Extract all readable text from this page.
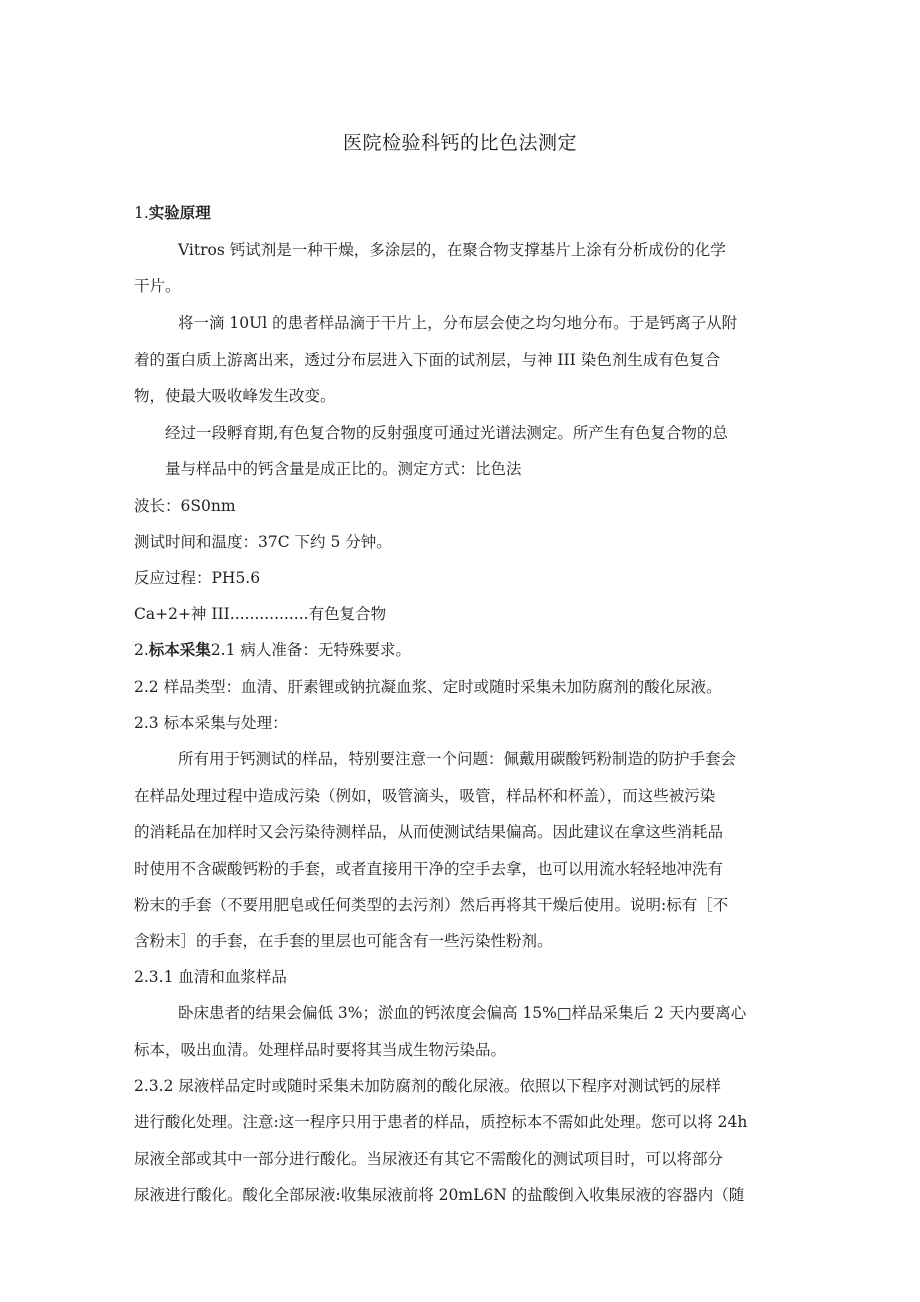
医院检验科钙的比色法测定
1.实验原理
Vitros 钙试剂是一种干燥，多涂层的，在聚合物支撑基片上涂有分析成份的化学
干片。
将一滴 10Ul 的患者样品滴于干片上，分布层会使之均匀地分布。于是钙离子从附
着的蛋白质上游离出来，透过分布层进入下面的试剂层，与神 III 染色剂生成有色复合
物，使最大吸收峰发生改变。
经过一段孵育期,有色复合物的反射强度可通过光谱法测定。所产生有色复合物的总
量与样品中的钙含量是成正比的。测定方式：比色法
波长：6S0nm
测试时间和温度：37C 下约 5 分钟。
反应过程：PH5.6
Ca+2+神 III................有色复合物
2.标本采集2.1 病人准备：无特殊要求。
2.2 样品类型：血清、肝素锂或钠抗凝血浆、定时或随时采集未加防腐剂的酸化尿液。
2.3 标本采集与处理：
所有用于钙测试的样品，特别要注意一个问题：佩戴用碳酸钙粉制造的防护手套会
在样品处理过程中造成污染（例如，吸管滴头，吸管，样品杯和杯盖），而这些被污染
的消耗品在加样时又会污染待测样品，从而使测试结果偏高。因此建议在拿这些消耗品
时使用不含碳酸钙粉的手套，或者直接用干净的空手去拿，也可以用流水轻轻地冲洗有
粉末的手套（不要用肥皂或任何类型的去污剂）然后再将其干燥后使用。说明:标有［不
含粉末］的手套，在手套的里层也可能含有一些污染性粉剂。
2.3.1 血清和血浆样品
卧床患者的结果会偏低 3%；淤血的钙浓度会偏高 15%□样品采集后 2 天内要离心
标本，吸出血清。处理样品时要将其当成生物污染品。
2.3.2 尿液样品定时或随时采集未加防腐剂的酸化尿液。依照以下程序对测试钙的尿样
进行酸化处理。注意:这一程序只用于患者的样品，质控标本不需如此处理。您可以将 24h
尿液全部或其中一部分进行酸化。当尿液还有其它不需酸化的测试项目时，可以将部分
尿液进行酸化。酸化全部尿液:收集尿液前将 20mL6N 的盐酸倒入收集尿液的容器内（随
